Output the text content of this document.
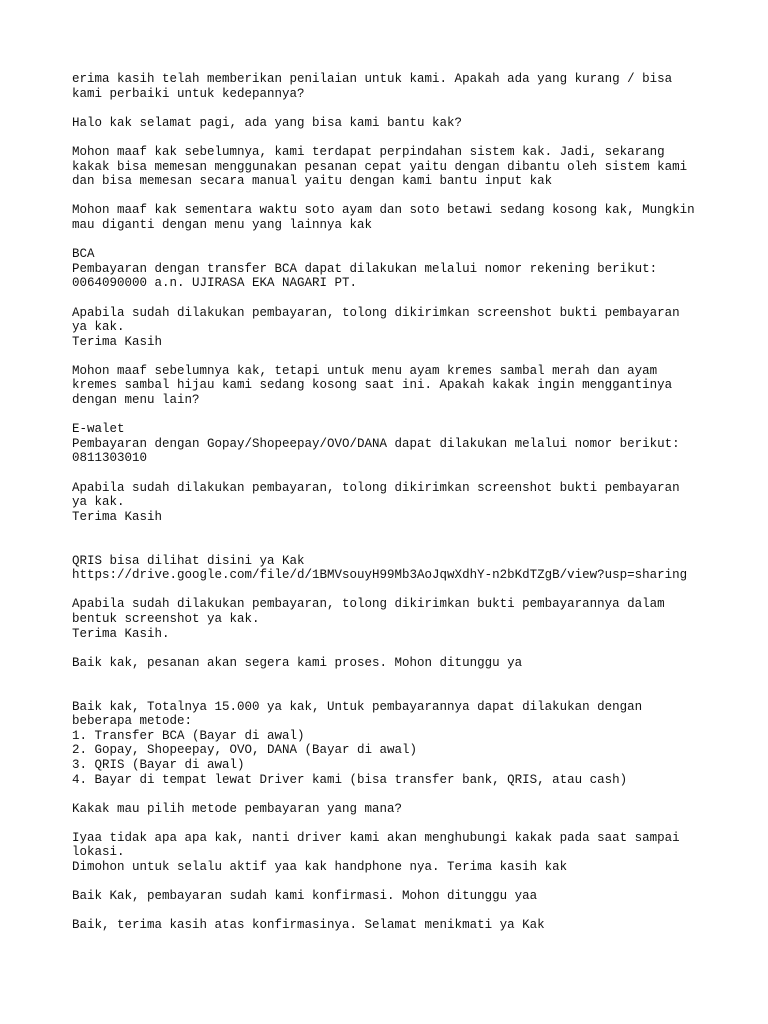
erima kasih telah memberikan penilaian untuk kami. Apakah ada yang kurang / bisa
kami perbaiki untuk kedepannya?
Halo kak selamat pagi, ada yang bisa kami bantu kak?
Mohon maaf kak sebelumnya, kami terdapat perpindahan sistem kak. Jadi, sekarang
kakak bisa memesan menggunakan pesanan cepat yaitu dengan dibantu oleh sistem kami
dan bisa memesan secara manual yaitu dengan kami bantu input kak
Mohon maaf kak sementara waktu soto ayam dan soto betawi sedang kosong kak, Mungkin
mau diganti dengan menu yang lainnya kak
BCA
Pembayaran dengan transfer BCA dapat dilakukan melalui nomor rekening berikut:
0064090000 a.n. UJIRASA EKA NAGARI PT.
Apabila sudah dilakukan pembayaran, tolong dikirimkan screenshot bukti pembayaran
ya kak.
Terima Kasih
Mohon maaf sebelumnya kak, tetapi untuk menu ayam kremes sambal merah dan ayam
kremes sambal hijau kami sedang kosong saat ini. Apakah kakak ingin menggantinya
dengan menu lain?
E-walet
Pembayaran dengan Gopay/Shopeepay/OVO/DANA dapat dilakukan melalui nomor berikut:
0811303010
Apabila sudah dilakukan pembayaran, tolong dikirimkan screenshot bukti pembayaran
ya kak.
Terima Kasih
QRIS bisa dilihat disini ya Kak
https://drive.google.com/file/d/1BMVsouyH99Mb3AoJqwXdhY-n2bKdTZgB/view?usp=sharing
Apabila sudah dilakukan pembayaran, tolong dikirimkan bukti pembayarannya dalam
bentuk screenshot ya kak.
Terima Kasih.
Baik kak, pesanan akan segera kami proses. Mohon ditunggu ya
Baik kak, Totalnya 15.000 ya kak, Untuk pembayarannya dapat dilakukan dengan
beberapa metode:
1. Transfer BCA (Bayar di awal)
2. Gopay, Shopeepay, OVO, DANA (Bayar di awal)
3. QRIS (Bayar di awal)
4. Bayar di tempat lewat Driver kami (bisa transfer bank, QRIS, atau cash)
Kakak mau pilih metode pembayaran yang mana?
Iyaa tidak apa apa kak, nanti driver kami akan menghubungi kakak pada saat sampai
lokasi.
Dimohon untuk selalu aktif yaa kak handphone nya. Terima kasih kak
Baik Kak, pembayaran sudah kami konfirmasi. Mohon ditunggu yaa
Baik, terima kasih atas konfirmasinya. Selamat menikmati ya Kak
